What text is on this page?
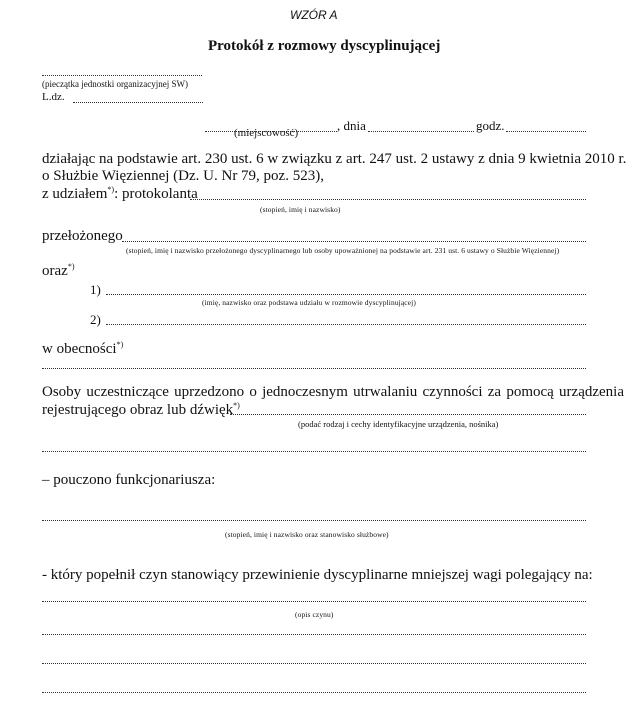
WZÓR A
Protokół z rozmowy dyscyplinującej
(pieczątka jednostki organizacyjnej SW)
L.dz.
, dnia	godz.
(miejscowość)
działając na podstawie art. 230 ust. 6 w związku z art. 247 ust. 2 ustawy z dnia 9 kwietnia 2010 r.
o Służbie Więziennej (Dz. U. Nr 79, poz. 523),
z udziałem*): protokolanta
(stopień, imię i nazwisko)
przełożonego
(stopień, imię i nazwisko przełożonego dyscyplinarnego lub osoby upoważnionej na podstawie art. 231 ust. 6 ustawy o Służbie Więziennej)
oraz*)
1)
(imię, nazwisko oraz podstawa udziału w rozmowie dyscyplinującej)
2)
w obecności*)
Osoby uczestniczące uprzedzono o jednoczesnym utrwalaniu czynności za pomocą urządzenia
rejestrującego obraz lub dźwięk*)
(podać rodzaj i cechy identyfikacyjne urządzenia, nośnika)
– pouczono funkcjonariusza:
(stopień, imię i nazwisko oraz stanowisko służbowe)
- który popełnił czyn stanowiący przewinienie dyscyplinarne mniejszej wagi polegający na:
(opis czynu)
